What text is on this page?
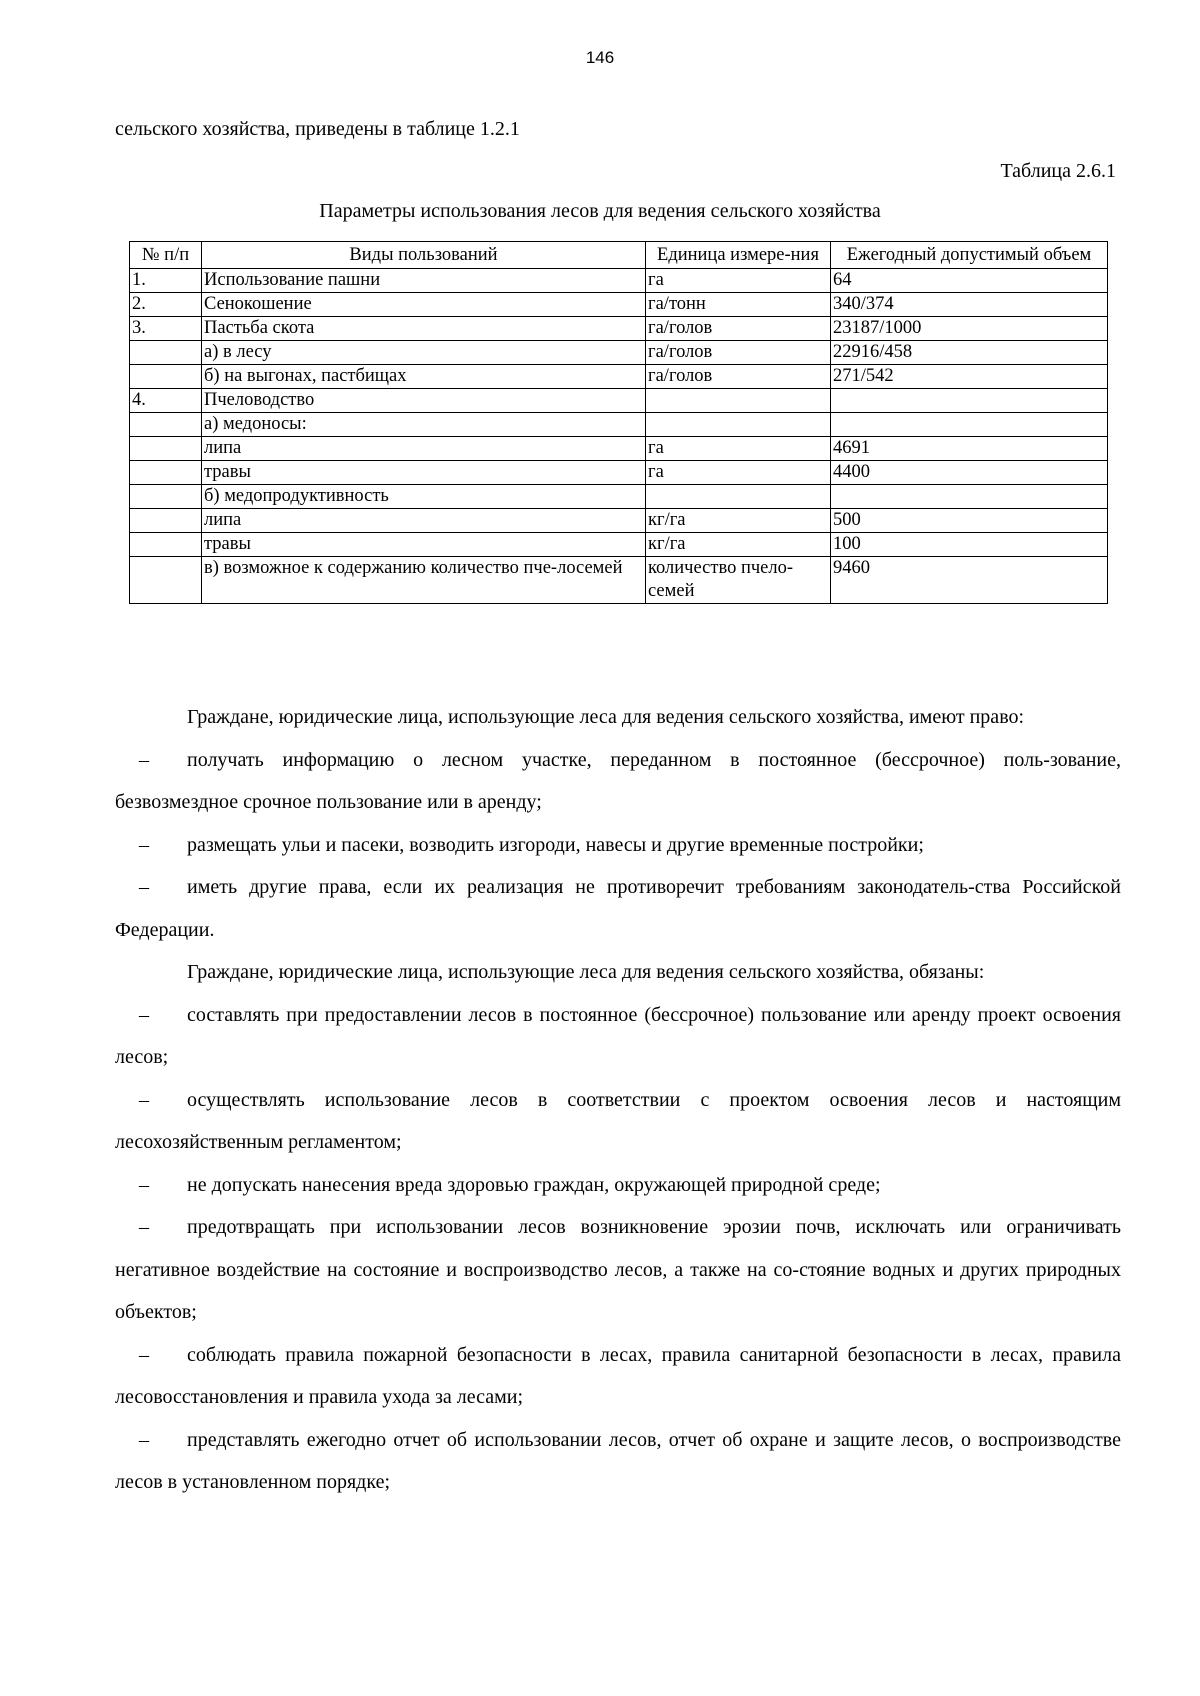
146
сельского хозяйства, приведены в таблице 1.2.1
Таблица 2.6.1
Параметры использования лесов для ведения сельского хозяйства
№ п/п	Виды пользований	Единица измере-ния	Ежегодный допустимый объем
1.	Использование пашни	га	64
2.	Сенокошение	га/тонн	340/374
3.	Пастьба скота	га/голов	23187/1000
	а) в лесу	га/голов	22916/458
	б) на выгонах, пастбищах	га/голов	271/542
4.	Пчеловодство		
	а) медоносы:		
	липа	га	4691
	травы	га	4400
	б) медопродуктивность		
	липа	кг/га	500
	травы	кг/га	100
	в) возможное к содержанию количество пче-лосемей	количество пчело-семей	9460

Граждане, юридические лица, использующие леса для ведения сельского хозяйства, имеют право:

– получать информацию о лесном участке, переданном в постоянное (бессрочное) поль-зование, безвозмездное срочное пользование или в аренду;

– размещать ульи и пасеки, возводить изгороди, навесы и другие временные постройки;

– иметь другие права, если их реализация не противоречит требованиям законодатель-ства Российской Федерации.

Граждане, юридические лица, использующие леса для ведения сельского хозяйства, обязаны:

– составлять при предоставлении лесов в постоянное (бессрочное) пользование или аренду проект освоения лесов;

– осуществлять использование лесов в соответствии с проектом освоения лесов и настоящим лесохозяйственным регламентом;

– не допускать нанесения вреда здоровью граждан, окружающей природной среде;

– предотвращать при использовании лесов возникновение эрозии почв, исключать или ограничивать негативное воздействие на состояние и воспроизводство лесов, а также на со-стояние водных и других природных объектов;

– соблюдать правила пожарной безопасности в лесах, правила санитарной безопасности в лесах, правила лесовосстановления и правила ухода за лесами;

– представлять ежегодно отчет об использовании лесов, отчет об охране и защите лесов, о воспроизводстве лесов в установленном порядке;
